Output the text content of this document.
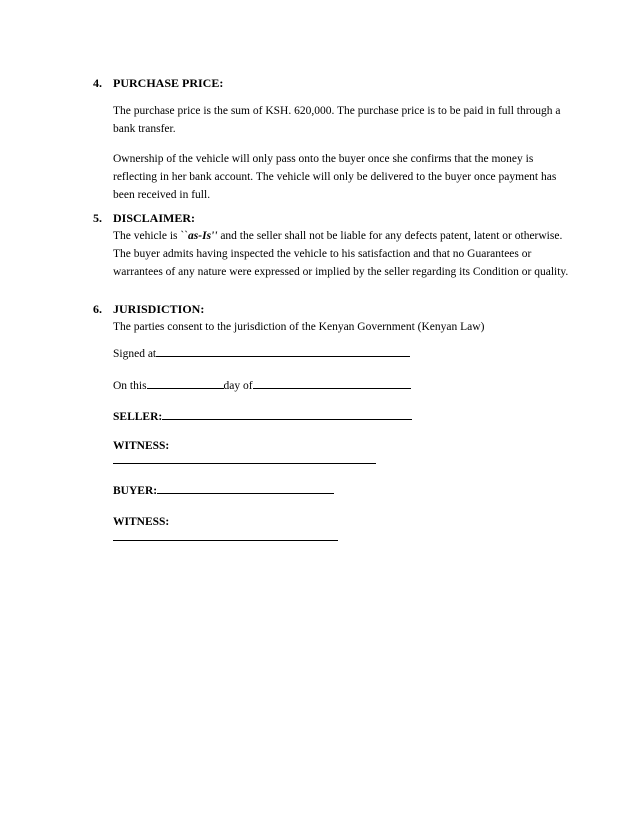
4. PURCHASE PRICE:

The purchase price is the sum of KSH. 620,000. The purchase price is to be paid in full through a bank transfer.

Ownership of the vehicle will only pass onto the buyer once she confirms that the money is reflecting in her bank account. The vehicle will only be delivered to the buyer once payment has been received in full.

5. DISCLAIMER:

The vehicle is ``as-Is'' and the seller shall not be liable for any defects patent, latent or otherwise. The buyer admits having inspected the vehicle to his satisfaction and that no Guarantees or warrantees of any nature were expressed or implied by the seller regarding its Condition or quality.

6. JURISDICTION:

The parties consent to the jurisdiction of the Kenyan Government (Kenyan Law)

Signed at
On this	day of
SELLER:
WITNESS:
BUYER:
WITNESS:
